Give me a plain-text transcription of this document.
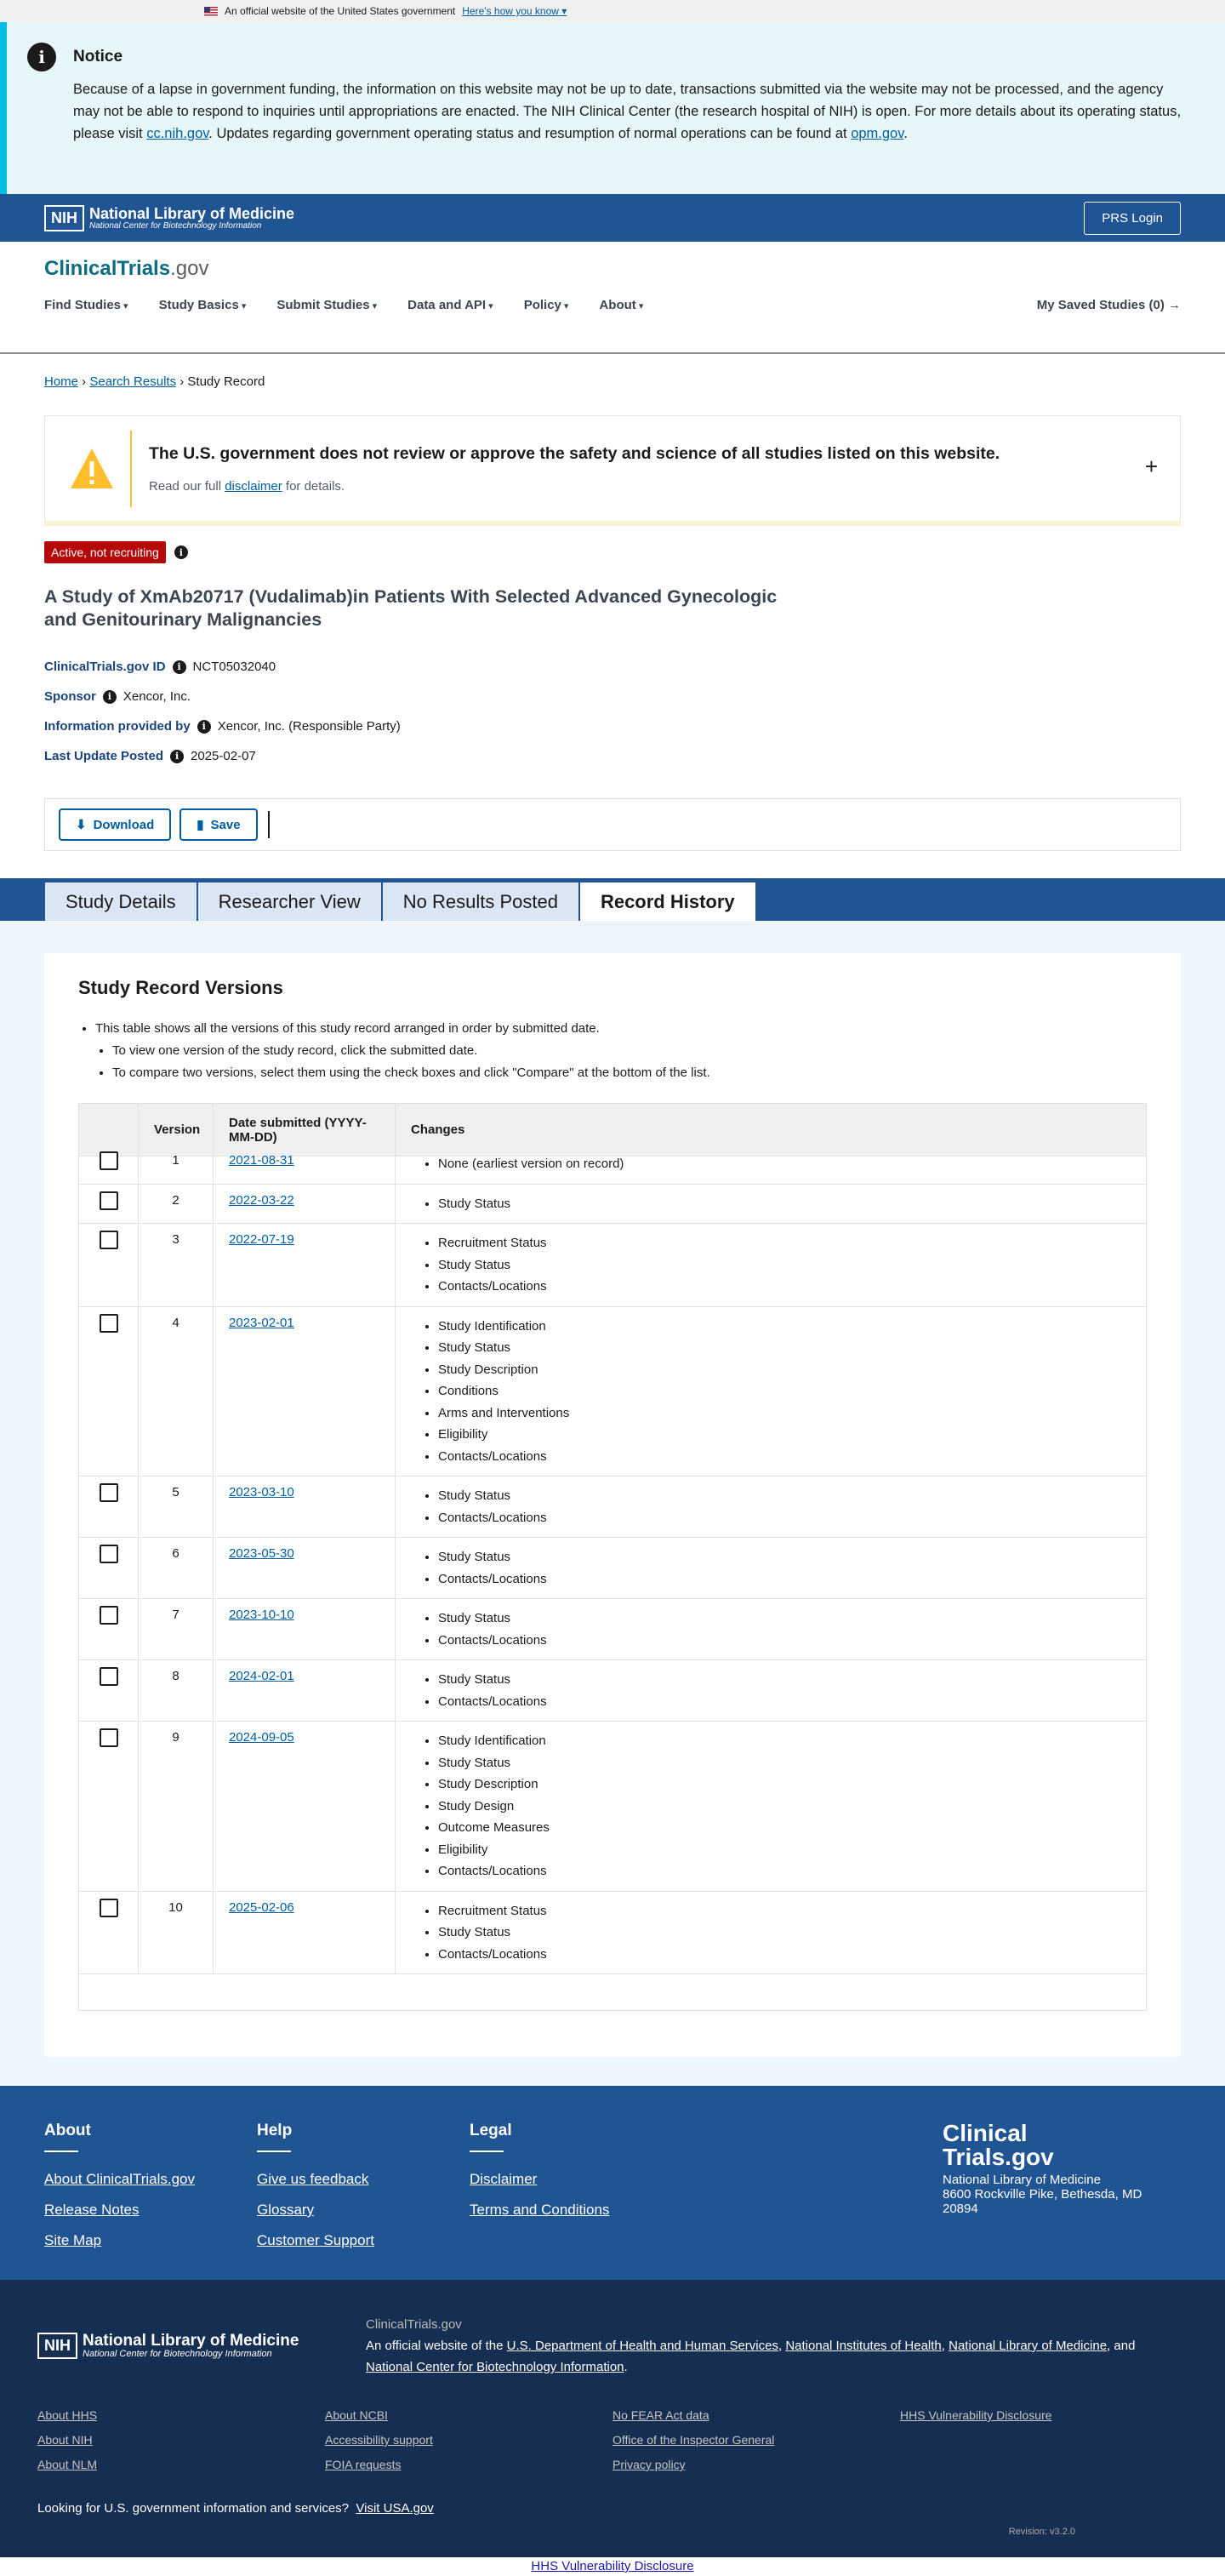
An official website of the United States government Here's how you know ▾
i	Notice

Because of a lapse in government funding, the information on this website may not be up to date, transactions submitted via the website may not be processed, and the agency may not be able to respond to inquiries until appropriations are enacted. The NIH Clinical Center (the research hospital of NIH) is open. For more details about its operating status, please visit cc.nih.gov. Updates regarding government operating status and resumption of normal operations can be found at opm.gov.

NIH National Library of Medicine
National Center for Biotechnology Information
PRS Login
ClinicalTrials.gov
Find Studies ▾	Study Basics ▾	Submit Studies ▾	Data and API ▾	Policy ▾	About ▾	My Saved Studies (0) →
Home › Search Results › Study Record
The U.S. government does not review or approve the safety and science of all studies listed on this website.
Read our full disclaimer for details.
+
Active, not recruiting	i
A Study of XmAb20717 (Vudalimab)in Patients With Selected Advanced Gynecologic and Genitourinary Malignancies
ClinicalTrials.gov ID	i NCT05032040
Sponsor	i Xencor, Inc.
Information provided by	i Xencor, Inc. (Responsible Party)
Last Update Posted	i 2025-02-07
⬇ Download	▮ Save
Study Details	Researcher View	No Results Posted	Record History
Study Record Versions
• This table shows all the versions of this study record arranged in order by submitted date.
• To view one version of the study record, click the submitted date.
• To compare two versions, select them using the check boxes and click "Compare" at the bottom of the list.
Version	Date submitted (YYYY-MM-DD)	Changes
1	2021-08-31	• None (earliest version on record)
2	2022-03-22	• Study Status
3	2022-07-19	• Recruitment Status
• Study Status
• Contacts/Locations
4	2023-02-01	• Study Identification
• Study Status
• Study Description
• Conditions
• Arms and Interventions
• Eligibility
• Contacts/Locations
5	2023-03-10	• Study Status
• Contacts/Locations
6	2023-05-30	• Study Status
• Contacts/Locations
7	2023-10-10	• Study Status
• Contacts/Locations
8	2024-02-01	• Study Status
• Contacts/Locations
9	2024-09-05	• Study Identification
• Study Status
• Study Description
• Study Design
• Outcome Measures
• Eligibility
• Contacts/Locations
10	2025-02-06	• Recruitment Status
• Study Status
• Contacts/Locations
About
About ClinicalTrials.gov
Release Notes
Site Map
Help
Give us feedback
Glossary
Customer Support
Legal
Disclaimer
Terms and Conditions
Clinical
Trials.gov
National Library of Medicine
8600 Rockville Pike, Bethesda, MD 20894
NIH National Library of Medicine
National Center for Biotechnology Information
ClinicalTrials.gov
An official website of the U.S. Department of Health and Human Services, National Institutes of Health, National Library of Medicine, and National Center for Biotechnology Information.
About HHS
About NIH
About NLM
About NCBI
Accessibility support
FOIA requests
No FEAR Act data
Office of the Inspector General
Privacy policy
HHS Vulnerability Disclosure
Looking for U.S. government information and services? Visit USA.gov
Revision: v3.2.0
HHS Vulnerability Disclosure
